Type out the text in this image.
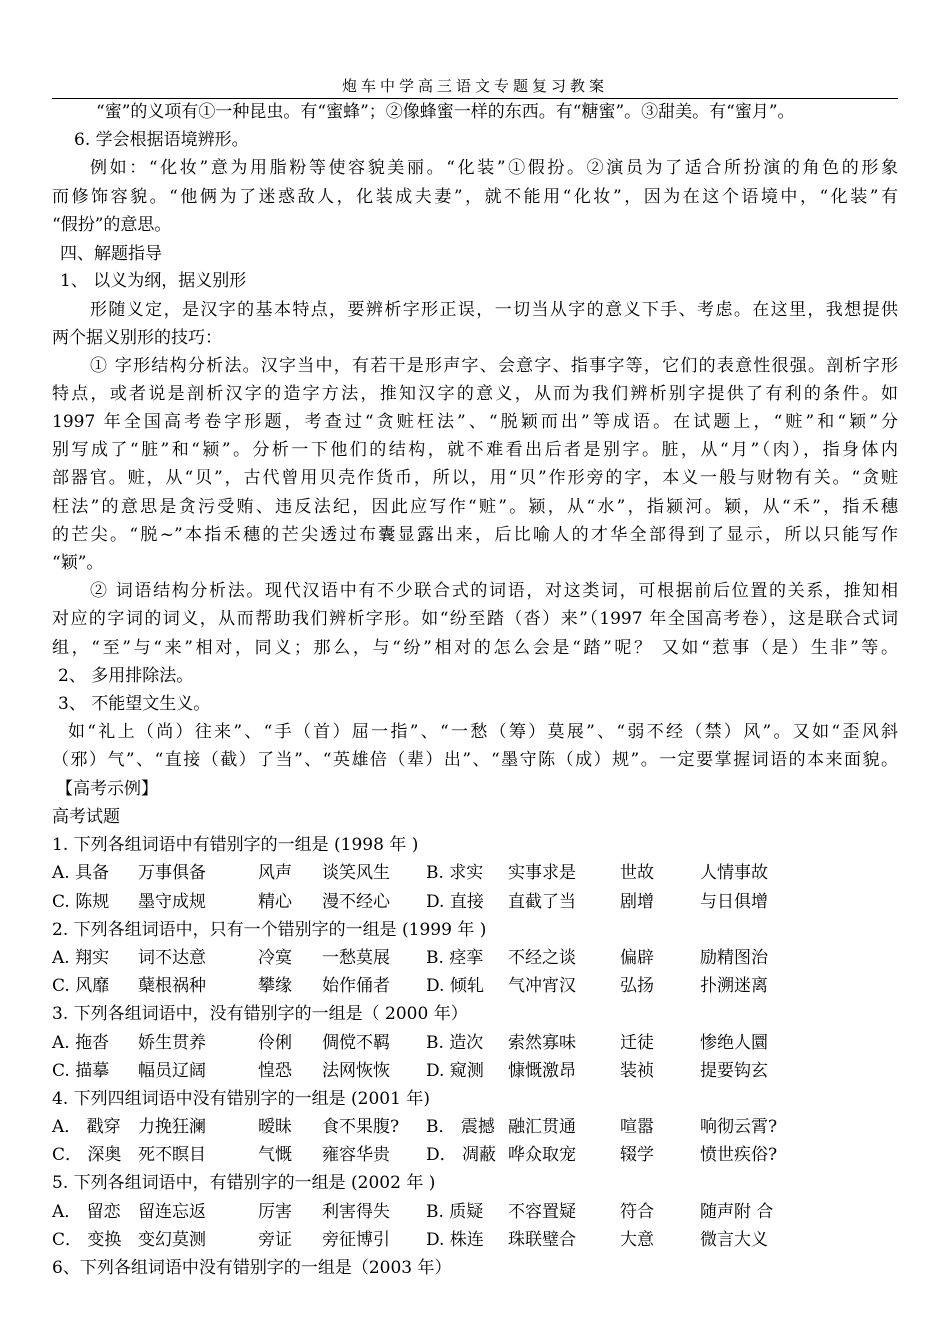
炮车中学高三语文专题复习教案
“蜜”的义项有①一种昆虫。有“蜜蜂”；②像蜂蜜一样的东西。有“糖蜜”。③甜美。有“蜜月”。
6. 学会根据语境辨形。
例如：“化妆”意为用脂粉等使容貌美丽。“化装”①假扮。②演员为了适合所扮演的角色的形象
而修饰容貌。“他俩为了迷惑敌人，化装成夫妻”，就不能用“化妆”，因为在这个语境中，“化装”有
“假扮”的意思。
四、解题指导
1、 以义为纲，据义别形
形随义定，是汉字的基本特点，要辨析字形正误，一切当从字的意义下手、考虑。在这里，我想提供
两个据义别形的技巧：
① 字形结构分析法。汉字当中，有若干是形声字、会意字、指事字等，它们的表意性很强。剖析字形
特点，或者说是剖析汉字的造字方法，推知汉字的意义，从而为我们辨析别字提供了有利的条件。如
1997 年全国高考卷字形题，考查过“贪赃枉法”、“脱颖而出”等成语。在试题上，“赃”和“颖”分
别写成了“脏”和“颍”。分析一下他们的结构，就不难看出后者是别字。脏，从“月”（肉），指身体内
部器官。赃，从“贝”，古代曾用贝壳作货币，所以，用“贝”作形旁的字，本义一般与财物有关。“贪赃
枉法”的意思是贪污受贿、违反法纪，因此应写作“赃”。颍，从“水”，指颍河。颖，从“禾”，指禾穗
的芒尖。“脱~”本指禾穗的芒尖透过布囊显露出来，后比喻人的才华全部得到了显示，所以只能写作
“颖”。
② 词语结构分析法。现代汉语中有不少联合式的词语，对这类词，可根据前后位置的关系，推知相
对应的字词的词义，从而帮助我们辨析字形。如“纷至踏（沓）来”（1997 年全国高考卷），这是联合式词
组，“至”与“来”相对，同义；那么，与“纷”相对的怎么会是“踏”呢？ 又如“惹事（是）生非”等。
2、 多用排除法。
3、 不能望文生义。
如“礼上（尚）往来”、“手（首）屈一指”、“一愁（筹）莫展”、“弱不经（禁）风”。又如“歪风斜
（邪）气”、“直接（截）了当”、“英雄倍（辈）出”、“墨守陈（成）规”。一定要掌握词语的本来面貌。
【高考示例】
高考试题
1. 下列各组词语中有错别字的一组是 (1998 年 )
2. 下列各组词语中，只有一个错别字的一组是 (1999 年 )
3. 下列各组词语中，没有错别字的一组是（ 2000 年）
4. 下列四组词语中没有错别字的一组是 (2001 年)
5. 下列各组词语中，有错别字的一组是 (2002 年 )
6、下列各组词语中没有错别字的一组是（2003 年）
A. 具备 万事俱备	风声 谈笑风生 B. 求实 实事求是	世故	人情事故
C. 陈规 墨守成规	精心 漫不经心 D. 直接 直截了当	剧增	与日俱增
A. 翔实 词不达意	冷寞 一愁莫展 B. 痉挛 不经之谈	偏辟	励精图治
C. 风靡 蘖根祸种	攀缘 始作俑者 D. 倾轧 气冲宵汉	弘扬	扑溯迷离
A. 拖沓 娇生贯养	伶俐 倜傥不羁 B. 造次 索然寡味	迁徒	惨绝人圜
C. 描摹 幅员辽阔	惶恐 法网恢恢 D. 窥测 慷慨激昂	装祯	提要钩玄
A． 戳穿 力挽狂澜	暧昧 食不果腹? B． 震撼 融汇贯通	喧嚣	响彻云霄?
C． 深奥 死不瞑目	气慨 雍容华贵 D． 凋蔽 哗众取宠	辍学	愤世疾俗?
A． 留恋 留连忘返	厉害 利害得失 B. 质疑 不容置疑	符合	随声附 合
C． 变换 变幻莫测	旁证 旁征博引 D. 株连 珠联璧合	大意	微言大义
